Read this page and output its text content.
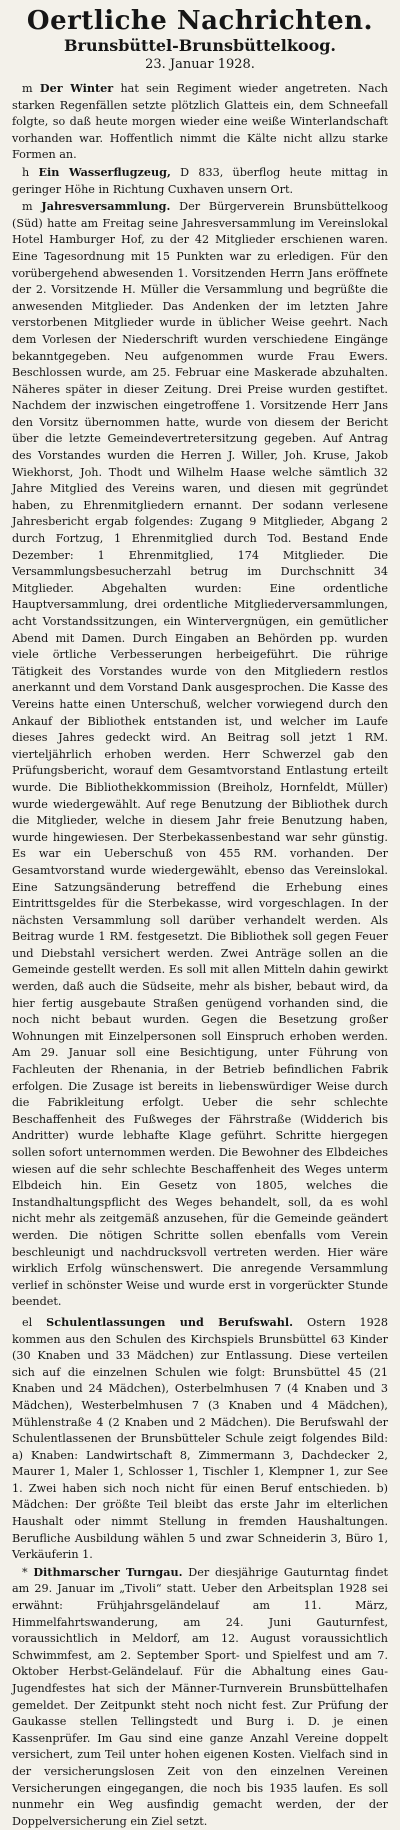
Oertliche Nachrichten.
Brunsbüttel-Brunsbüttelkoog.
23. Januar 1928.

m Der Winter hat sein Regiment wieder angetreten. Nach starken Regenfällen setzte plötzlich Glatteis ein, dem Schneefall folgte, so daß heute morgen wieder eine weiße Winterlandschaft vorhanden war. Hoffentlich nimmt die Kälte nicht allzu starke Formen an.

h Ein Wasserflugzeug, D 833, überflog heute mittag in geringer Höhe in Richtung Cuxhaven unsern Ort.

m Jahresversammlung. Der Bürgerverein Brunsbüttelkoog (Süd) hatte am Freitag seine Jahresversammlung im Vereinslokal Hotel Hamburger Hof, zu der 42 Mitglieder erschienen waren. Eine Tagesordnung mit 15 Punkten war zu erledigen. Für den vorübergehend abwesenden 1. Vorsitzenden Herrn Jans eröffnete der 2. Vorsitzende H. Müller die Versammlung und begrüßte die anwesenden Mitglieder. Das Andenken der im letzten Jahre verstorbenen Mitglieder wurde in üblicher Weise geehrt. Nach dem Vorlesen der Niederschrift wurden verschiedene Eingänge bekanntgegeben. Neu aufgenommen wurde Frau Ewers. Beschlossen wurde, am 25. Februar eine Maskerade abzuhalten. Näheres später in dieser Zeitung. Drei Preise wurden gestiftet. Nachdem der inzwischen eingetroffene 1. Vorsitzende Herr Jans den Vorsitz übernommen hatte, wurde von diesem der Bericht über die letzte Gemeindevertretersitzung gegeben. Auf Antrag des Vorstandes wurden die Herren J. Willer, Joh. Kruse, Jakob Wiekhorst, Joh. Thodt und Wilhelm Haase welche sämtlich 32 Jahre Mitglied des Vereins waren, und diesen mit gegründet haben, zu Ehrenmitgliedern ernannt. Der sodann verlesene Jahresbericht ergab folgendes: Zugang 9 Mitglieder, Abgang 2 durch Fortzug, 1 Ehrenmitglied durch Tod. Bestand Ende Dezember: 1 Ehrenmitglied, 174 Mitglieder. Die Versammlungsbesucherzahl betrug im Durchschnitt 34 Mitglieder. Abgehalten wurden: Eine ordentliche Hauptversammlung, drei ordentliche Mitgliederversammlungen, acht Vorstandssitzungen, ein Wintervergnügen, ein gemütlicher Abend mit Damen. Durch Eingaben an Behörden pp. wurden viele örtliche Verbesserungen herbeigeführt. Die rührige Tätigkeit des Vorstandes wurde von den Mitgliedern restlos anerkannt und dem Vorstand Dank ausgesprochen. Die Kasse des Vereins hatte einen Unterschuß, welcher vorwiegend durch den Ankauf der Bibliothek entstanden ist, und welcher im Laufe dieses Jahres gedeckt wird. An Beitrag soll jetzt 1 RM. vierteljährlich erhoben werden. Herr Schwerzel gab den Prüfungsbericht, worauf dem Gesamtvorstand Entlastung erteilt wurde. Die Bibliothekkommission (Breiholz, Hornfeldt, Müller) wurde wiedergewählt. Auf rege Benutzung der Bibliothek durch die Mitglieder, welche in diesem Jahr freie Benutzung haben, wurde hingewiesen. Der Sterbekassenbestand war sehr günstig. Es war ein Ueberschuß von 455 RM. vorhanden. Der Gesamtvorstand wurde wiedergewählt, ebenso das Vereinslokal. Eine Satzungsänderung betreffend die Erhebung eines Eintrittsgeldes für die Sterbekasse, wird vorgeschlagen. In der nächsten Versammlung soll darüber verhandelt werden. Als Beitrag wurde 1 RM. festgesetzt. Die Bibliothek soll gegen Feuer und Diebstahl versichert werden. Zwei Anträge sollen an die Gemeinde gestellt werden. Es soll mit allen Mitteln dahin gewirkt werden, daß auch die Südseite, mehr als bisher, bebaut wird, da hier fertig ausgebaute Straßen genügend vorhanden sind, die noch nicht bebaut wurden. Gegen die Besetzung großer Wohnungen mit Einzelpersonen soll Einspruch erhoben werden. Am 29. Januar soll eine Besichtigung, unter Führung von Fachleuten der Rhenania, in der Betrieb befindlichen Fabrik erfolgen. Die Zusage ist bereits in liebenswürdiger Weise durch die Fabrikleitung erfolgt. Ueber die sehr schlechte Beschaffenheit des Fußweges der Fährstraße (Widderich bis Andritter) wurde lebhafte Klage geführt. Schritte hiergegen sollen sofort unternommen werden. Die Bewohner des Elbdeiches wiesen auf die sehr schlechte Beschaffenheit des Weges unterm Elbdeich hin. Ein Gesetz von 1805, welches die Instandhaltungspflicht des Weges behandelt, soll, da es wohl nicht mehr als zeitgemäß anzusehen, für die Gemeinde geändert werden. Die nötigen Schritte sollen ebenfalls vom Verein beschleunigt und nachdrucksvoll vertreten werden. Hier wäre wirklich Erfolg wünschenswert. Die anregende Versammlung verlief in schönster Weise und wurde erst in vorgerückter Stunde beendet.

el Schulentlassungen und Berufswahl. Ostern 1928 kommen aus den Schulen des Kirchspiels Brunsbüttel 63 Kinder (30 Knaben und 33 Mädchen) zur Entlassung. Diese verteilen sich auf die einzelnen Schulen wie folgt: Brunsbüttel 45 (21 Knaben und 24 Mädchen), Osterbelmhusen 7 (4 Knaben und 3 Mädchen), Westerbelmhusen 7 (3 Knaben und 4 Mädchen), Mühlenstraße 4 (2 Knaben und 2 Mädchen). Die Berufswahl der Schulentlassenen der Brunsbütteler Schule zeigt folgendes Bild: a) Knaben: Landwirtschaft 8, Zimmermann 3, Dachdecker 2, Maurer 1, Maler 1, Schlosser 1, Tischler 1, Klempner 1, zur See 1. Zwei haben sich noch nicht für einen Beruf entschieden. b) Mädchen: Der größte Teil bleibt das erste Jahr im elterlichen Haushalt oder nimmt Stellung in fremden Haushaltungen. Berufliche Ausbildung wählen 5 und zwar Schneiderin 3, Büro 1, Verkäuferin 1.

* Dithmarscher Turngau. Der diesjährige Gauturntag findet am 29. Januar im „Tivoli“ statt. Ueber den Arbeitsplan 1928 sei erwähnt: Frühjahrsgeländelauf am 11. März, Himmelfahrtswanderung, am 24. Juni Gauturnfest, voraussichtlich in Meldorf, am 12. August voraussichtlich Schwimmfest, am 2. September Sport- und Spielfest und am 7. Oktober Herbst-Geländelauf. Für die Abhaltung eines Gau-Jugendfestes hat sich der Männer-Turnverein Brunsbüttelhafen gemeldet. Der Zeitpunkt steht noch nicht fest. Zur Prüfung der Gaukasse stellen Tellingstedt und Burg i. D. je einen Kassenprüfer. Im Gau sind eine ganze Anzahl Vereine doppelt versichert, zum Teil unter hohen eigenen Kosten. Vielfach sind in der versicherungslosen Zeit von den einzelnen Vereinen Versicherungen eingegangen, die noch bis 1935 laufen. Es soll nunmehr ein Weg ausfindig gemacht werden, der der Doppelversicherung ein Ziel setzt.
